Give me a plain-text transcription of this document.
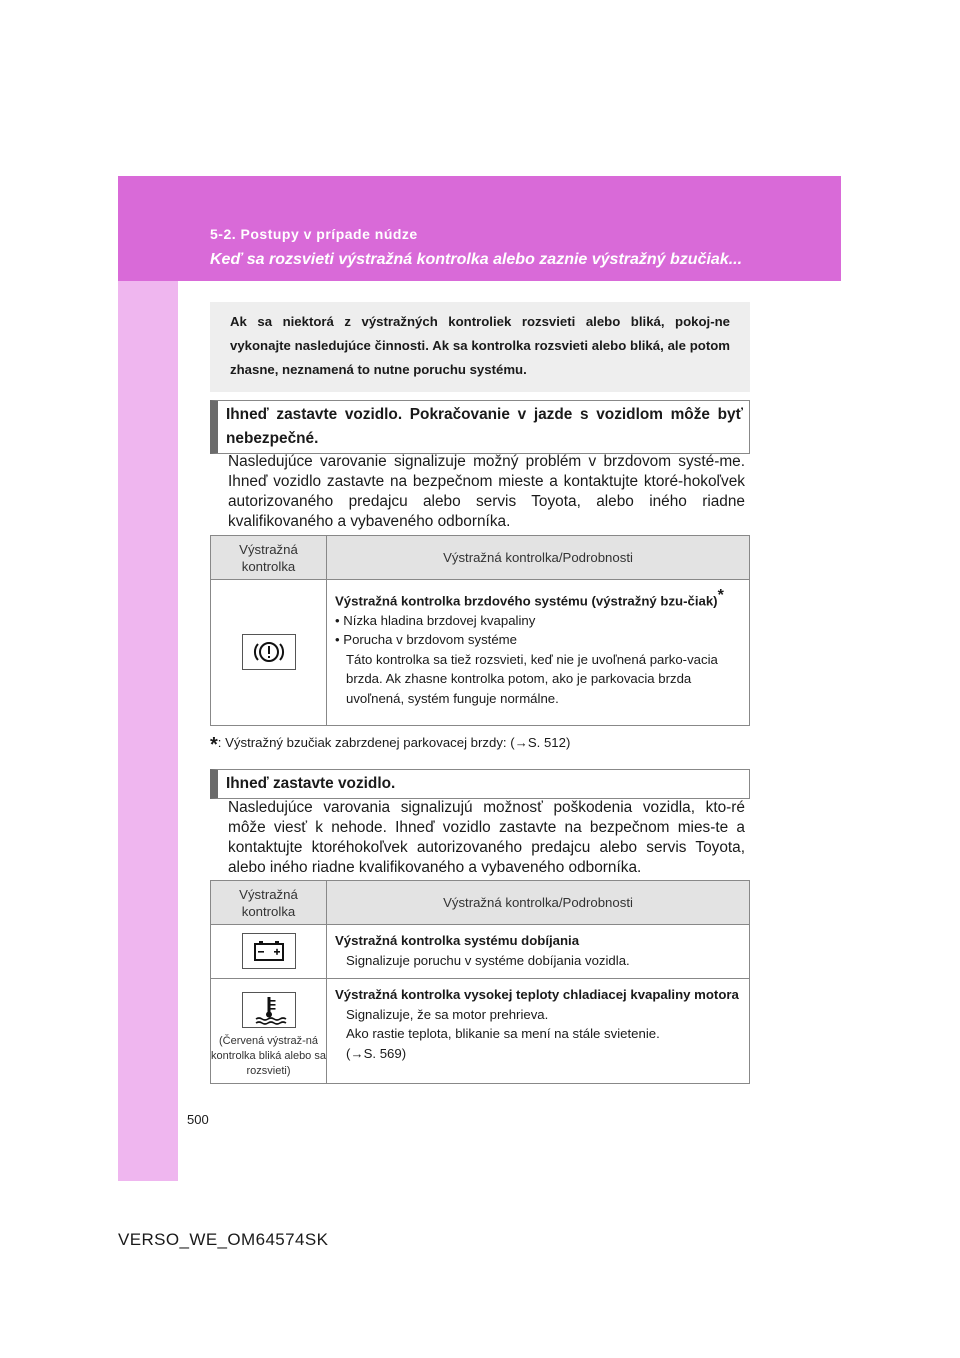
5-2. Postupy v prípade núdze
Keď sa rozsvieti výstražná kontrolka alebo zaznie výstražný bzučiak...
Ak sa niektorá z výstražných kontroliek rozsvieti alebo bliká, pokoj-ne vykonajte nasledujúce činnosti. Ak sa kontrolka rozsvieti alebo bliká, ale potom zhasne, neznamená to nutne poruchu systému.
Ihneď zastavte vozidlo. Pokračovanie v jazde s vozidlom môže byť nebezpečné.
Nasledujúce varovanie signalizuje možný problém v brzdovom systé-me. Ihneď vozidlo zastavte na bezpečnom mieste a kontaktujte ktoré-hokoľvek autorizovaného predajcu alebo servis Toyota, alebo iného riadne kvalifikovaného a vybaveného odborníka.
Výstražná kontrolka	Výstražná kontrolka/Podrobnosti

Výstražná kontrolka brzdového systému (výstražný bzu-čiak)*
• Nízka hladina brzdovej kvapaliny
• Porucha v brzdovom systéme
Táto kontrolka sa tiež rozsvieti, keď nie je uvoľnená parko-vacia brzda. Ak zhasne kontrolka potom, ako je parkovacia brzda uvoľnená, systém funguje normálne.
*: Výstražný bzučiak zabrzdenej parkovacej brzdy: (→S. 512)
Ihneď zastavte vozidlo.
Nasledujúce varovania signalizujú možnosť poškodenia vozidla, kto-ré môže viesť k nehode. Ihneď vozidlo zastavte na bezpečnom mies-te a kontaktujte ktoréhokoľvek autorizovaného predajcu alebo servis Toyota, alebo iného riadne kvalifikovaného a vybaveného odborníka.
Výstražná kontrolka	Výstražná kontrolka/Podrobnosti

Výstražná kontrolka systému dobíjania
Signalizuje poruchu v systéme dobíjania vozidla.

(Červená výstraž-ná kontrolka bliká alebo sa rozsvieti)	Výstražná kontrolka vysokej teploty chladiacej kvapaliny motora
Signalizuje, že sa motor prehrieva.
Ako rastie teplota, blikanie sa mení na stále svietenie.
(→S. 569)
500
VERSO_WE_OM64574SK
